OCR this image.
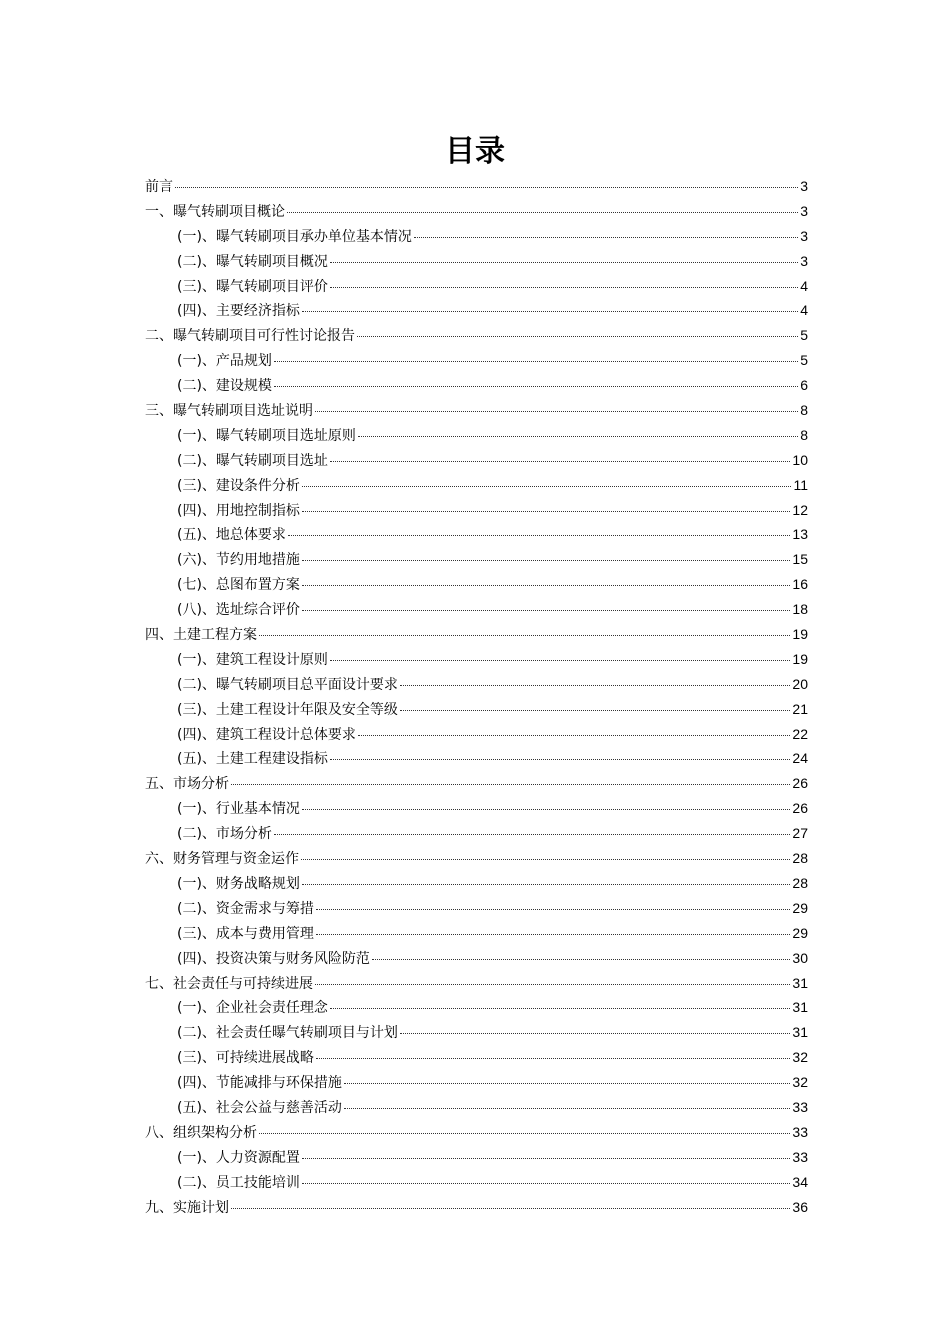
目录
前言	3
一、曝气转刷项目概论	3
(一)、曝气转刷项目承办单位基本情况	3
(二)、曝气转刷项目概况	3
(三)、曝气转刷项目评价	4
(四)、主要经济指标	4
二、曝气转刷项目可行性讨论报告	5
(一)、产品规划	5
(二)、建设规模	6
三、曝气转刷项目选址说明	8
(一)、曝气转刷项目选址原则	8
(二)、曝气转刷项目选址	10
(三)、建设条件分析	11
(四)、用地控制指标	12
(五)、地总体要求	13
(六)、节约用地措施	15
(七)、总图布置方案	16
(八)、选址综合评价	18
四、土建工程方案	19
(一)、建筑工程设计原则	19
(二)、曝气转刷项目总平面设计要求	20
(三)、土建工程设计年限及安全等级	21
(四)、建筑工程设计总体要求	22
(五)、土建工程建设指标	24
五、市场分析	26
(一)、行业基本情况	26
(二)、市场分析	27
六、财务管理与资金运作	28
(一)、财务战略规划	28
(二)、资金需求与筹措	29
(三)、成本与费用管理	29
(四)、投资决策与财务风险防范	30
七、社会责任与可持续进展	31
(一)、企业社会责任理念	31
(二)、社会责任曝气转刷项目与计划	31
(三)、可持续进展战略	32
(四)、节能减排与环保措施	32
(五)、社会公益与慈善活动	33
八、组织架构分析	33
(一)、人力资源配置	33
(二)、员工技能培训	34
九、实施计划	36
